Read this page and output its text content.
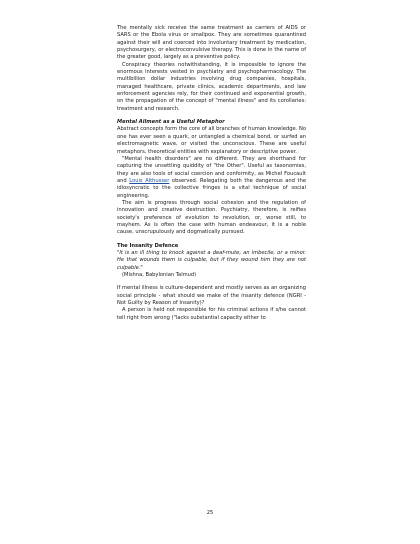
The mentally sick receive the same treatment as carriers of AIDS or SARS or the Ebola virus or smallpox. They are sometimes quarantined against their will and coerced into involuntary treatment by medication, psychosurgery, or electroconvulsive therapy. This is done in the name of the greater good, largely as a preventive policy.

Conspiracy theories notwithstanding, it is impossible to ignore the enormous interests vested in psychiatry and psychopharmacology. The multibillion dollar industries involving drug companies, hospitals, managed healthcare, private clinics, academic departments, and law enforcement agencies rely, for their continued and exponential growth, on the propagation of the concept of "mental illness" and its corollaries: treatment and research.

Mental Ailment as a Useful Metaphor

Abstract concepts form the core of all branches of human knowledge. No one has ever seen a quark, or untangled a chemical bond, or surfed an electromagnetic wave, or visited the unconscious. These are useful metaphors, theoretical entities with explanatory or descriptive power.

"Mental health disorders" are no different. They are shorthand for capturing the unsettling quiddity of "the Other". Useful as taxonomies, they are also tools of social coercion and conformity, as Michel Foucault and Louis Althusser observed. Relegating both the dangerous and the idiosyncratic to the collective fringes is a vital technique of social engineering.

The aim is progress through social cohesion and the regulation of innovation and creative destruction. Psychiatry, therefore, is reifies society's preference of evolution to revolution, or, worse still, to mayhem. As is often the case with human endeavour, it is a noble cause, unscrupulously and dogmatically pursued.

The Insanity Defence

"It is an ill thing to knock against a deaf-mute, an imbecile, or a minor. He that wounds them is culpable, but if they wound him they are not culpable."

(Mishna, Babylonian Talmud)

If mental illness is culture-dependent and mostly serves as an organizing social principle - what should we make of the insanity defence (NGRI - Not Guilty by Reason of Insanity)?

A person is held not responsible for his criminal actions if s/he cannot tell right from wrong ("lacks substantial capacity either to

25
